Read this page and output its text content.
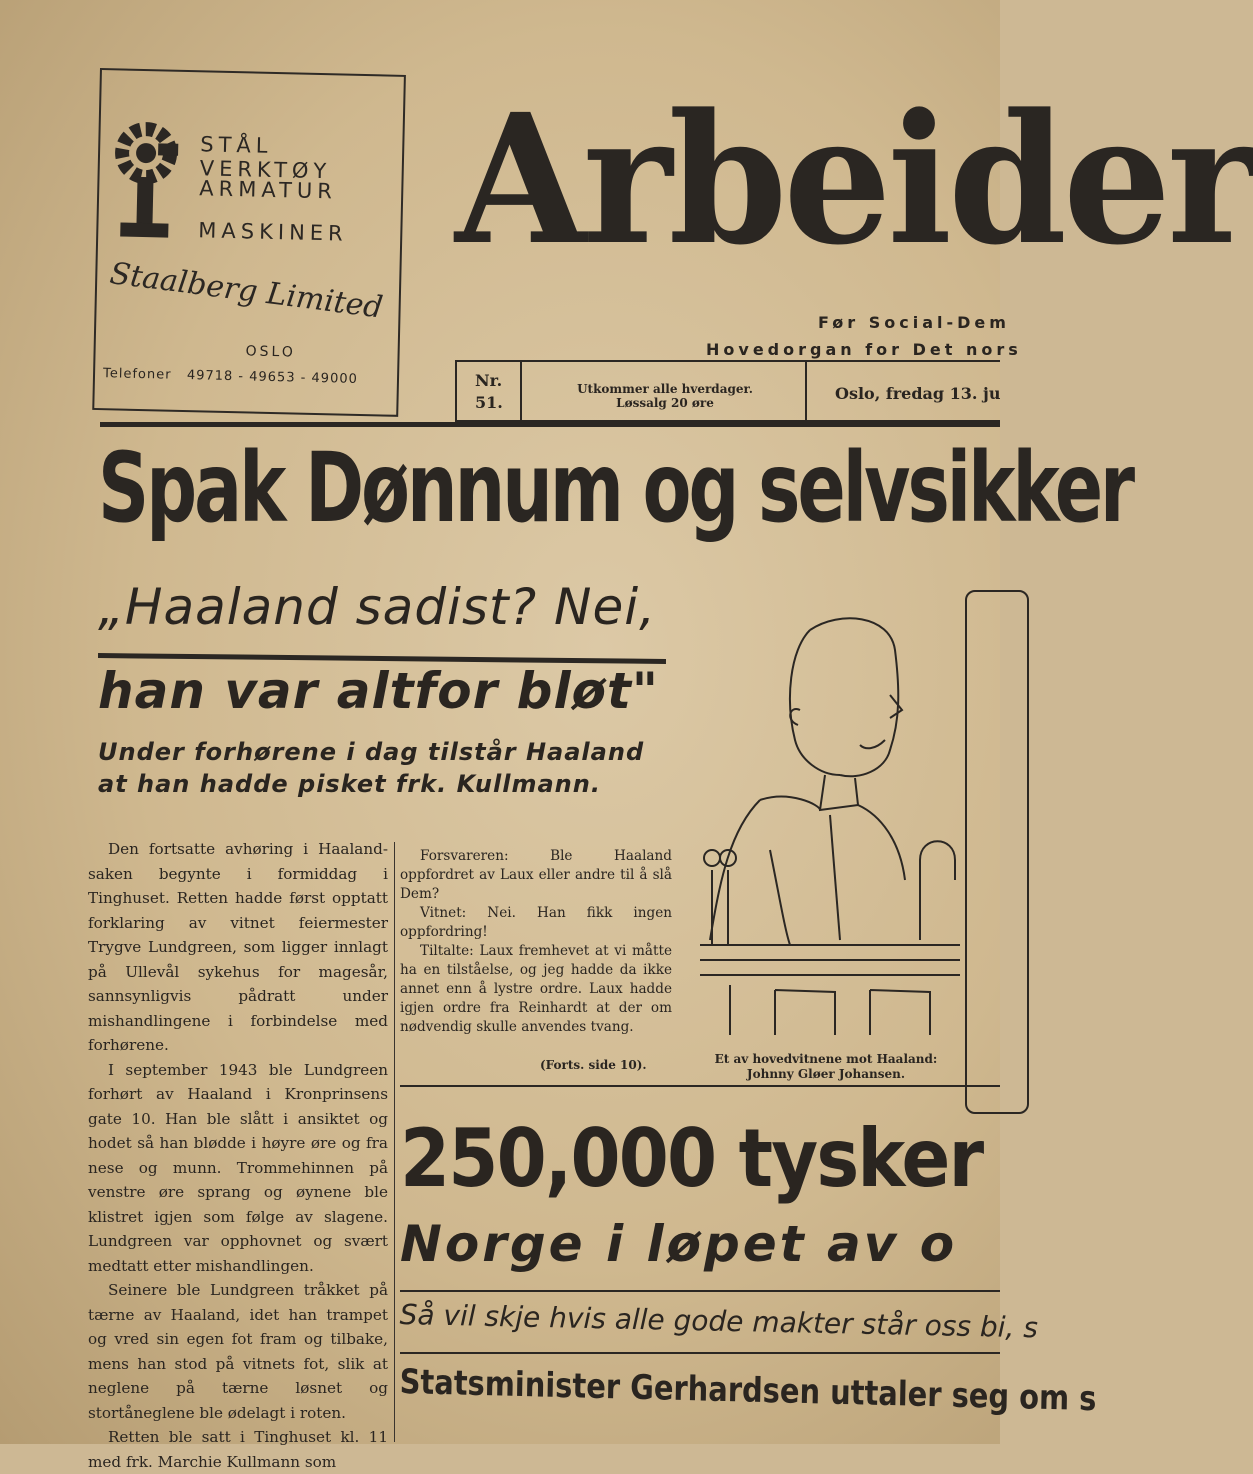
STÅL VERKTØY
ARMATUR
MASKINER
Staalberg Limited
OSLO
Telefoner 49718 - 49653 - 49000
Arbeider
Før Social-Dem
Hovedorgan for Det nors
Nr.
51.
Utkommer alle hverdager.
Løssalg 20 øre	Oslo, fredag 13. ju
Spak Dønnum og selvsikker
„Haaland sadist? Nei,
han var altfor bløt"
Under forhørene i dag tilstår Haaland at han hadde pisket frk. Kullmann.

Den fortsatte avhøring i Haaland-saken begynte i formiddag i Tinghuset. Retten hadde først opptatt forklaring av vitnet feiermester Trygve Lundgreen, som ligger innlagt på Ullevål sykehus for magesår, sannsynligvis pådratt under mishandlingene i forbindelse med forhørene.

I september 1943 ble Lundgreen forhørt av Haaland i Kronprinsens gate 10. Han ble slått i ansiktet og hodet så han blødde i høyre øre og fra nese og munn. Trommehinnen på venstre øre sprang og øynene ble klistret igjen som følge av slagene. Lundgreen var opphovnet og svært medtatt etter mishandlingen.

Seinere ble Lundgreen tråkket på tærne av Haaland, idet han trampet og vred sin egen fot fram og tilbake, mens han stod på vitnets fot, slik at neglene på tærne løsnet og stortåneglene ble ødelagt i roten.

Retten ble satt i Tinghuset kl. 11 med frk. Marchie Kullmann som

Forsvareren: Ble Haaland oppfordret av Laux eller andre til å slå Dem?

Vitnet: Nei. Han fikk ingen oppfordring!

Tiltalte: Laux fremhevet at vi måtte ha en tilståelse, og jeg hadde da ikke annet enn å lystre ordre. Laux hadde igjen ordre fra Reinhardt at der om nødvendig skulle anvendes tvang.

(Forts. side 10).	Et av hovedvitnene mot Haaland:
Johnny Gløer Johansen.
250,000 tysker
Norge i løpet av o
Så vil skje hvis alle gode makter står oss bi, s
Statsminister Gerhardsen uttaler seg om s
